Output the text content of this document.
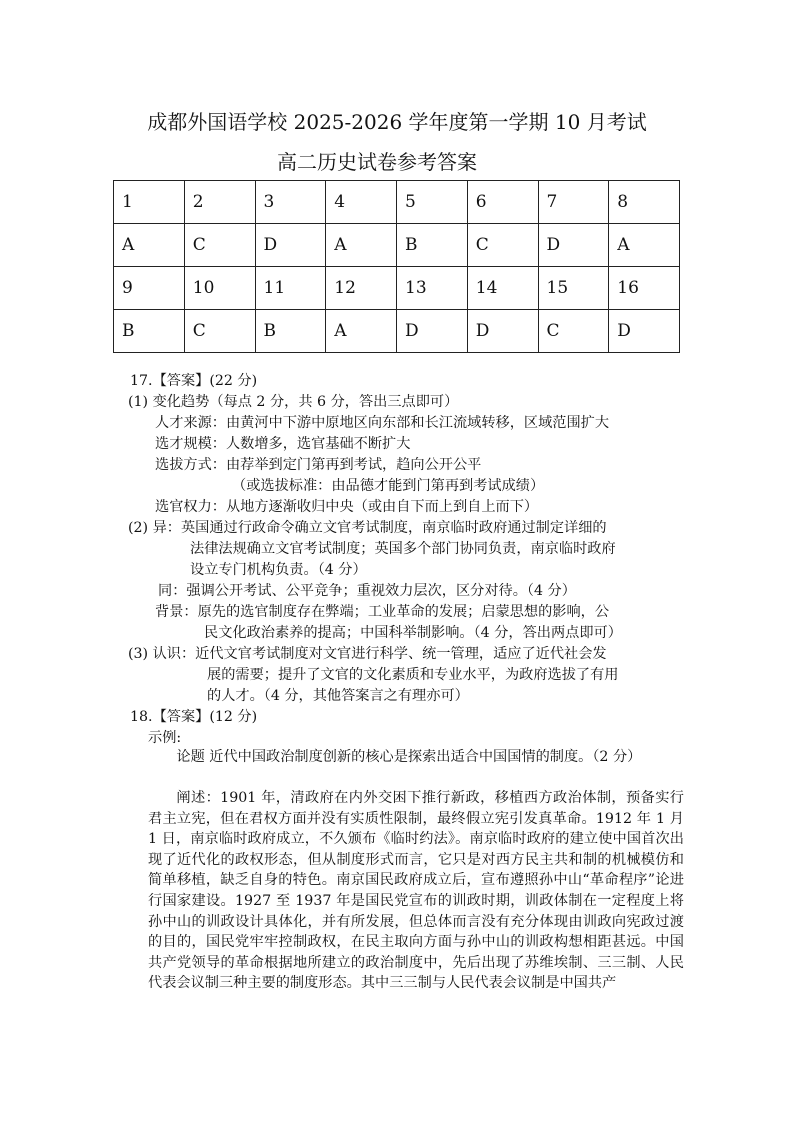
成都外国语学校 2025-2026 学年度第一学期 10 月考试
高二历史试卷参考答案
1	2	3	4	5	6	7	8
A	C	D	A	B	C	D	A
9	10	11	12	13	14	15	16
B	C	B	A	D	D	C	D
17.【答案】(22 分)
(1) 变化趋势（每点 2 分，共 6 分，答出三点即可）
人才来源：由黄河中下游中原地区向东部和长江流域转移，区域范围扩大
选才规模：人数增多，选官基础不断扩大
选拔方式：由荐举到定门第再到考试，趋向公开公平
（或选拔标准：由品德才能到门第再到考试成绩）
选官权力：从地方逐渐收归中央（或由自下而上到自上而下）
(2) 异：英国通过行政命令确立文官考试制度，南京临时政府通过制定详细的
法律法规确立文官考试制度；英国多个部门协同负责，南京临时政府
设立专门机构负责。（4 分）
同：强调公开考试、公平竞争；重视效力层次，区分对待。（4 分）
背景：原先的选官制度存在弊端；工业革命的发展；启蒙思想的影响，公
民文化政治素养的提高；中国科举制影响。（4 分，答出两点即可）
(3) 认识：近代文官考试制度对文官进行科学、统一管理，适应了近代社会发
展的需要；提升了文官的文化素质和专业水平，为政府选拔了有用
的人才。（4 分，其他答案言之有理亦可）
18.【答案】(12 分)
示例:
论题 近代中国政治制度创新的核心是探索出适合中国国情的制度。（2 分）
阐述：1901 年，清政府在内外交困下推行新政，移植西方政治体制，预备实行君主立宪，但在君权方面并没有实质性限制，最终假立宪引发真革命。1912 年 1 月 1 日，南京临时政府成立，不久颁布《临时约法》。南京临时政府的建立使中国首次出现了近代化的政权形态，但从制度形式而言，它只是对西方民主共和制的机械模仿和简单移植，缺乏自身的特色。南京国民政府成立后，宣布遵照孙中山“革命程序”论进行国家建设。1927 至 1937 年是国民党宣布的训政时期，训政体制在一定程度上将孙中山的训政设计具体化，并有所发展，但总体而言没有充分体现由训政向宪政过渡的目的，国民党牢牢控制政权，在民主取向方面与孙中山的训政构想相距甚远。中国共产党领导的革命根据地所建立的政治制度中，先后出现了苏维埃制、三三制、人民代表会议制三种主要的制度形态。其中三三制与人民代表会议制是中国共产
